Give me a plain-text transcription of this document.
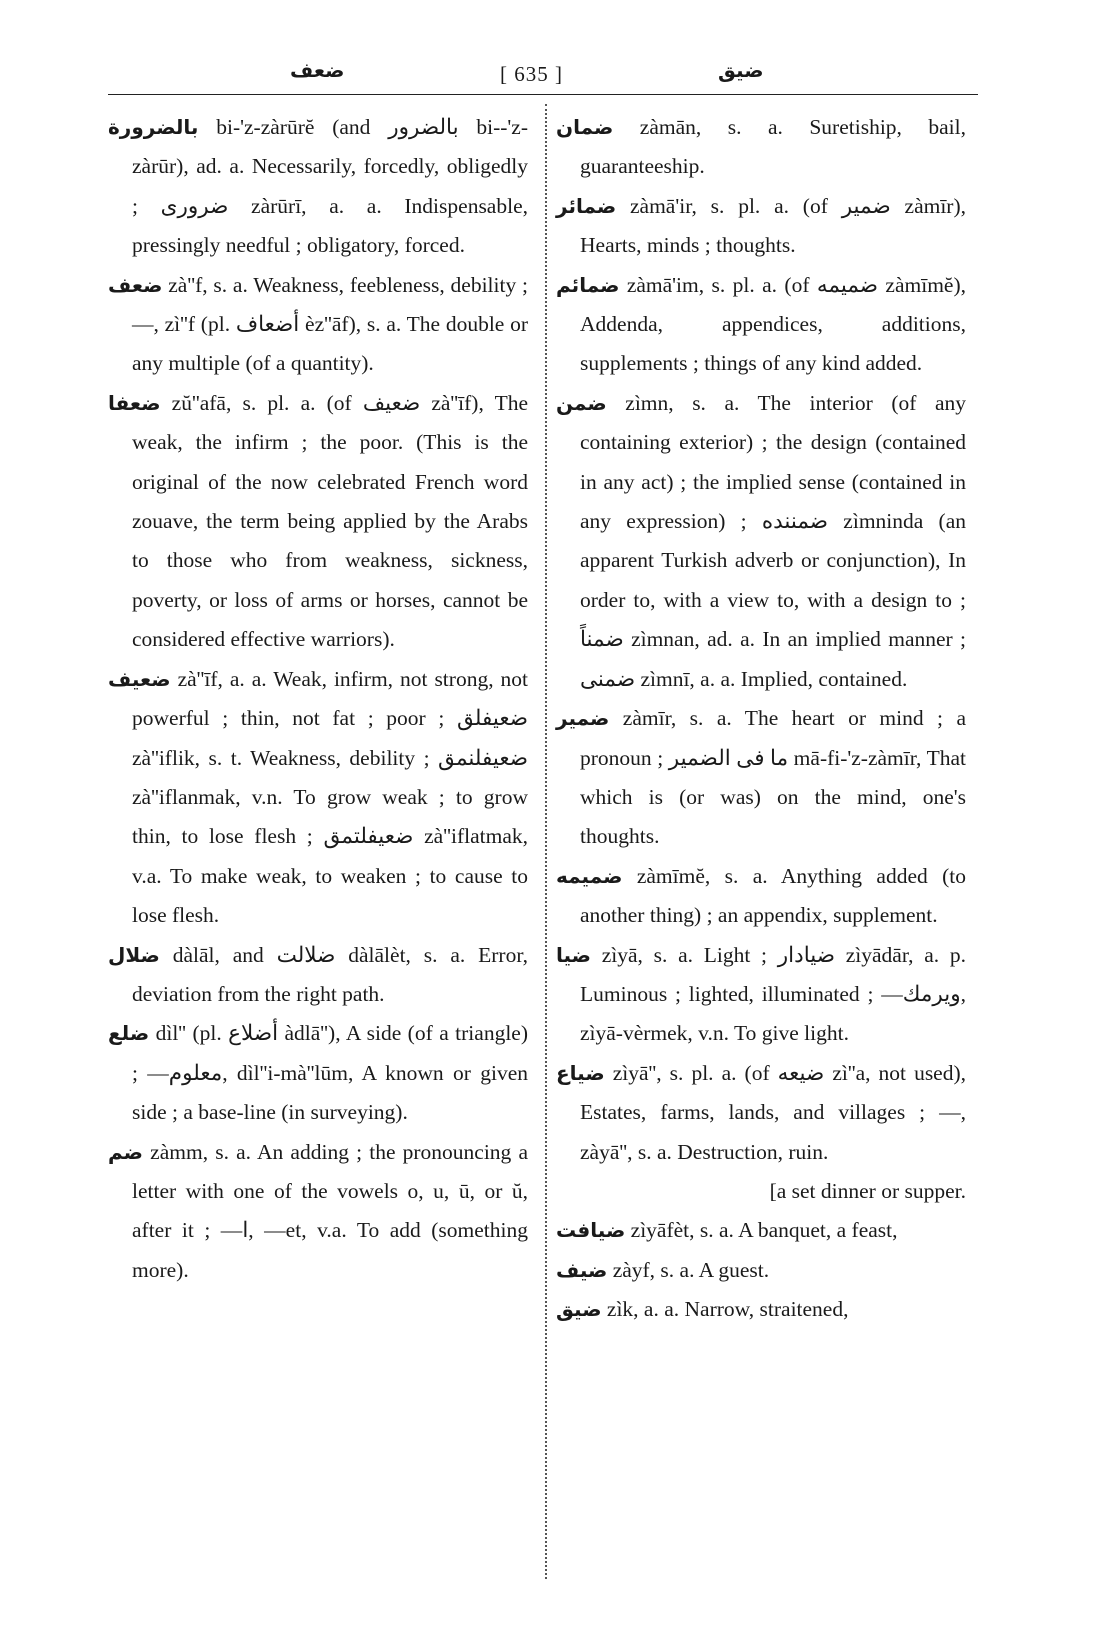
ضعف	[ 635 ]	ضيق

بالضرورة bi-'z-zàrūrĕ (and بالضرور bi--'z-zàrūr), ad. a. Necessarily, forcedly, obligedly ; ضروری zàrūrī, a. a. Indispensable, pressingly needful ; obligatory, forced.

ضعف zà''f, s. a. Weakness, feebleness, debility ; —, zì''f (pl. أضعاف èz''āf), s. a. The double or any multiple (of a quantity).

ضعفا zŭ''afā, s. pl. a. (of ضعيف zà''īf), The weak, the infirm ; the poor. (This is the original of the now celebrated French word zouave, the term being applied by the Arabs to those who from weakness, sickness, poverty, or loss of arms or horses, cannot be considered effective warriors).

ضعيف zà''īf, a. a. Weak, infirm, not strong, not powerful ; thin, not fat ; poor ; ضعيفلق zà''iflik, s. t. Weakness, debility ; ضعيفلنمق zà''iflanmak, v.n. To grow weak ; to grow thin, to lose flesh ; ضعيفلتمق zà''iflatmak, v.a. To make weak, to weaken ; to cause to lose flesh.

ضلال dàlāl, and ضلالت dàlālèt, s. a. Error, deviation from the right path.

ضلع dìl'' (pl. أضلاع àdlā''), A side (of a triangle) ; —معلوم, dìl''i-mà''lūm, A known or given side ; a base-line (in surveying).

ضم zàmm, s. a. An adding ; the pronouncing a letter with one of the vowels o, u, ū, or ŭ, after it ; —ا, —et, v.a. To add (something more).

ضمان zàmān, s. a. Suretiship, bail, guaranteeship.

ضمائر zàmā'ir, s. pl. a. (of ضمير zàmīr), Hearts, minds ; thoughts.

ضمائم zàmā'im, s. pl. a. (of ضميمه zàmīmĕ), Addenda, appendices, additions, supplements ; things of any kind added.

ضمن zìmn, s. a. The interior (of any containing exterior) ; the design (contained in any act) ; the implied sense (contained in any expression) ; ضمننده zìmninda (an apparent Turkish adverb or conjunction), In order to, with a view to, with a design to ; ضمناً zìmnan, ad. a. In an implied manner ; ضمنی zìmnī, a. a. Implied, contained.

ضمير zàmīr, s. a. The heart or mind ; a pronoun ; ما فى الضمير mā-fi-'z-zàmīr, That which is (or was) on the mind, one's thoughts.

ضميمه zàmīmĕ, s. a. Anything added (to another thing) ; an appendix, supplement.

ضيا zìyā, s. a. Light ; ضيادار zìyādār, a. p. Luminous ; lighted, illuminated ; —ويرمك, zìyā-vèrmek, v.n. To give light.

ضياع zìyā'', s. pl. a. (of ضيعه zì''a, not used), Estates, farms, lands, and villages ; —, zàyā'', s. a. Destruction, ruin.

[a set dinner or supper.

ضيافت zìyāfèt, s. a. A banquet, a feast,

ضيف zàyf, s. a. A guest.

ضيق zìk, a. a. Narrow, straitened,
